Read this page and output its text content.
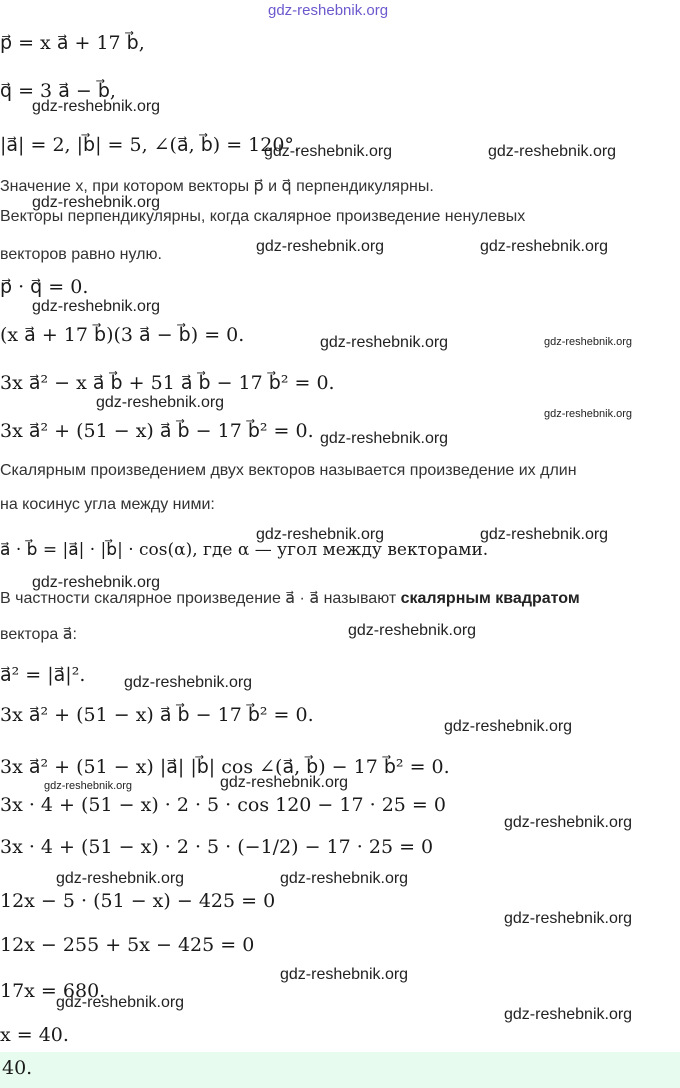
gdz-reshebnik.org
gdz-reshebnik.org
gdz-reshebnik.org	gdz-reshebnik.org
gdz-reshebnik.org
gdz-reshebnik.org	gdz-reshebnik.org
gdz-reshebnik.org
gdz-reshebnik.org	gdz-reshebnik.org
gdz-reshebnik.org
gdz-reshebnik.org
gdz-reshebnik.org
gdz-reshebnik.org	gdz-reshebnik.org
gdz-reshebnik.org
gdz-reshebnik.org
gdz-reshebnik.org
gdz-reshebnik.org
gdz-reshebnik.org	gdz-reshebnik.org
gdz-reshebnik.org
gdz-reshebnik.org	gdz-reshebnik.org
gdz-reshebnik.org
gdz-reshebnik.org
gdz-reshebnik.org
gdz-reshebnik.org
p⃗ = x a⃗ + 17 b⃗,
q⃗ = 3 a⃗ − b⃗,
|a⃗| = 2, |b⃗| = 5, ∠(a⃗, b⃗) = 120°.
Значение x, при котором векторы p⃗ и q⃗ перпендикулярны.
Векторы перпендикулярны, когда скалярное произведение ненулевых
векторов равно нулю.
p⃗ · q⃗ = 0.
(x a⃗ + 17 b⃗)(3 a⃗ − b⃗) = 0.
3x a⃗² − x a⃗ b⃗ + 51 a⃗ b⃗ − 17 b⃗² = 0.
3x a⃗² + (51 − x) a⃗ b⃗ − 17 b⃗² = 0.
Скалярным произведением двух векторов называется произведение их длин
на косинус угла между ними:
a⃗ · b⃗ = |a⃗| · |b⃗| · cos(α), где α — угол между векторами.
В частности скалярное произведение a⃗ · a⃗ называют скалярным квадратом
вектора a⃗:
a⃗² = |a⃗|².
3x a⃗² + (51 − x) a⃗ b⃗ − 17 b⃗² = 0.
3x a⃗² + (51 − x) |a⃗| |b⃗| cos ∠(a⃗, b⃗) − 17 b⃗² = 0.
3x · 4 + (51 − x) · 2 · 5 · cos 120 − 17 · 25 = 0
3x · 4 + (51 − x) · 2 · 5 · (−1/2) − 17 · 25 = 0
12x − 5 · (51 − x) − 425 = 0
12x − 255 + 5x − 425 = 0
17x = 680.
x = 40.
40.
